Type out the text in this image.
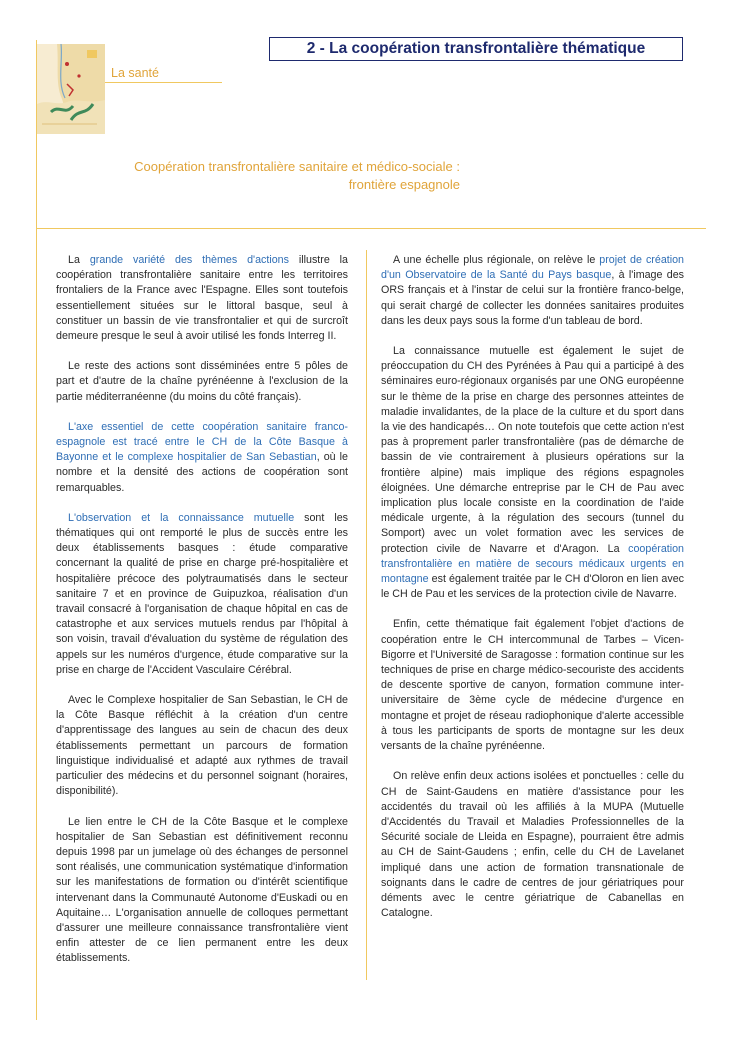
2 - La coopération transfrontalière thématique
La santé
Coopération transfrontalière sanitaire et médico-sociale :
frontière espagnole

La grande variété des thèmes d'actions illustre la coopération transfrontalière sanitaire entre les territoires frontaliers de la France avec l'Espagne. Elles sont toutefois essentiellement situées sur le littoral basque, seul à constituer un bassin de vie transfrontalier et qui de surcroît demeure presque le seul à avoir utilisé les fonds Interreg II.

Le reste des actions sont disséminées entre 5 pôles de part et d'autre de la chaîne pyrénéenne à l'exclusion de la partie méditerranéenne (du moins du côté français).

L'axe essentiel de cette coopération sanitaire franco-espagnole est tracé entre le CH de la Côte Basque à Bayonne et le complexe hospitalier de San Sebastian, où le nombre et la densité des actions de coopération sont remarquables.

L'observation et la connaissance mutuelle sont les thématiques qui ont remporté le plus de succès entre les deux établissements basques : étude comparative concernant la qualité de prise en charge pré-hospitalière et hospitalière précoce des polytraumatisés dans le secteur sanitaire 7 et en province de Guipuzkoa, réalisation d'un travail consacré à l'organisation de chaque hôpital en cas de catastrophe et aux services mutuels rendus par l'hôpital à son voisin, travail d'évaluation du système de régulation des appels sur les numéros d'urgence, étude comparative sur la prise en charge de l'Accident Vasculaire Cérébral.

Avec le Complexe hospitalier de San Sebastian, le CH de la Côte Basque réfléchit à la création d'un centre d'apprentissage des langues au sein de chacun des deux établissements permettant un parcours de formation linguistique individualisé et adapté aux rythmes de travail particulier des médecins et du personnel soignant (horaires, disponibilité).

Le lien entre le CH de la Côte Basque et le complexe hospitalier de San Sebastian est définitivement reconnu depuis 1998 par un jumelage où des échanges de personnel sont réalisés, une communication systématique d'information sur les manifestations de formation ou d'intérêt scientifique intervenant dans la Communauté Autonome d'Euskadi ou en Aquitaine… L'organisation annuelle de colloques permettant d'assurer une meilleure connaissance transfrontalière vient enfin attester de ce lien permanent entre les deux établissements.

A une échelle plus régionale, on relève le projet de création d'un Observatoire de la Santé du Pays basque, à l'image des ORS français et à l'instar de celui sur la frontière franco-belge, qui serait chargé de collecter les données sanitaires produites dans les deux pays sous la forme d'un tableau de bord.

La connaissance mutuelle est également le sujet de préoccupation du CH des Pyrénées à Pau qui a participé à des séminaires euro-régionaux organisés par une ONG européenne sur le thème de la prise en charge des personnes atteintes de maladie invalidantes, de la place de la culture et du sport dans la vie des handicapés… On note toutefois que cette action n'est pas à proprement parler transfrontalière (pas de démarche de bassin de vie contrairement à plusieurs opérations sur la frontière alpine) mais implique des régions espagnoles éloignées. Une démarche entreprise par le CH de Pau avec implication plus locale consiste en la coordination de l'aide médicale urgente, à la régulation des secours (tunnel du Somport) avec un volet formation avec les services de protection civile de Navarre et d'Aragon. La coopération transfrontalière en matière de secours médicaux urgents en montagne est également traitée par le CH d'Oloron en lien avec le CH de Pau et les services de la protection civile de Navarre.

Enfin, cette thématique fait également l'objet d'actions de coopération entre le CH intercommunal de Tarbes – Vicen-Bigorre et l'Université de Saragosse : formation continue sur les techniques de prise en charge médico-secouriste des accidents de descente sportive de canyon, formation commune inter-universitaire de 3ème cycle de médecine d'urgence en montagne et projet de réseau radiophonique d'alerte accessible à tous les participants de sports de montagne sur les deux versants de la chaîne pyrénéenne.

On relève enfin deux actions isolées et ponctuelles : celle du CH de Saint-Gaudens en matière d'assistance pour les accidentés du travail où les affiliés à la MUPA (Mutuelle d'Accidentés du Travail et Maladies Professionnelles de la Sécurité sociale de Lleida en Espagne), pourraient être admis au CH de Saint-Gaudens ; enfin, celle du CH de Lavelanet impliqué dans une action de formation transnationale de soignants dans le cadre de centres de jour gériatriques pour déments avec le centre gériatrique de Cabanellas en Catalogne.
